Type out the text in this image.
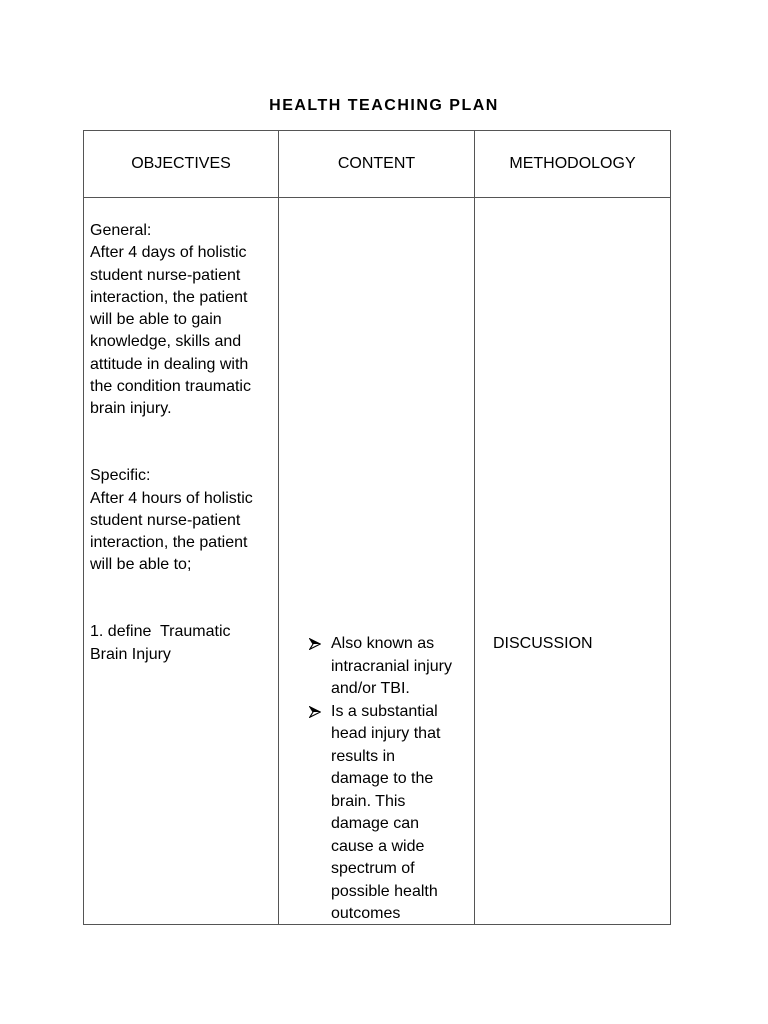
HEALTH TEACHING PLAN
OBJECTIVES	CONTENT	METHODOLOGY
General:
After 4 days of holistic
student nurse-patient
interaction, the patient
will be able to gain
knowledge, skills and
attitude in dealing with
the condition traumatic
brain injury.
Specific:
After 4 hours of holistic
student nurse-patient
interaction, the patient
will be able to;
1. define  Traumatic
Brain Injury
Also known as
intracranial injury
and/or TBI.
Is a substantial
head injury that
results in
damage to the
brain. This
damage can
cause a wide
spectrum of
possible health
outcomes
DISCUSSION
